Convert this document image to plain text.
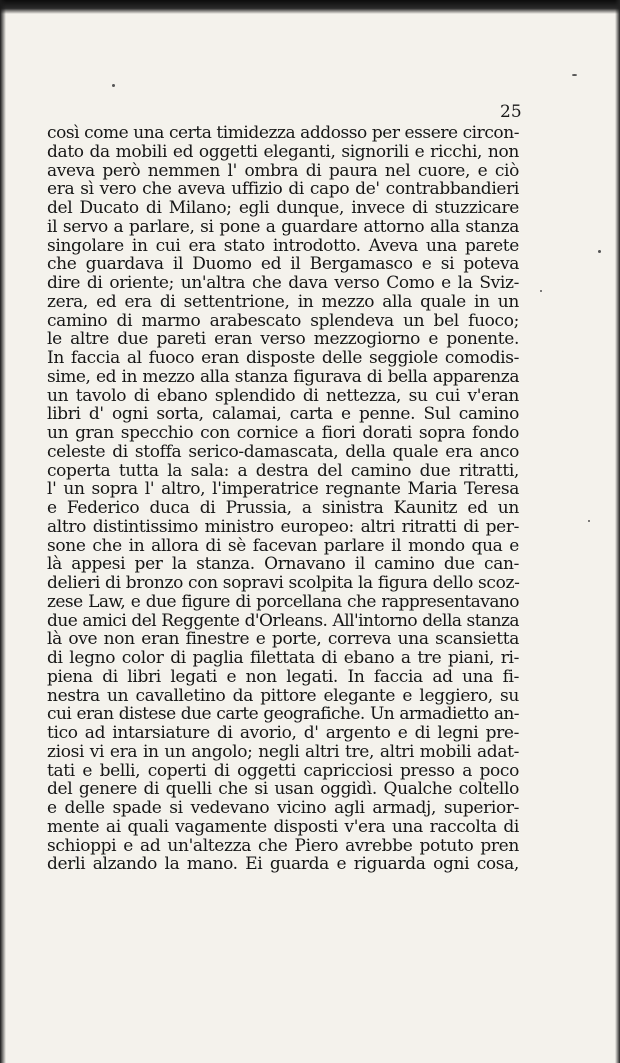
25
così come una certa timidezza addosso per essere circon-
dato da mobili ed oggetti eleganti, signorili e ricchi, non
aveva però nemmen l' ombra di paura nel cuore, e ciò
era sì vero che aveva uffizio di capo de' contrabbandieri
del Ducato di Milano; egli dunque, invece di stuzzicare
il servo a parlare, si pone a guardare attorno alla stanza
singolare in cui era stato introdotto. Aveva una parete
che guardava il Duomo ed il Bergamasco e si poteva
dire di oriente; un'altra che dava verso Como e la Sviz-
zera, ed era di settentrione, in mezzo alla quale in un
camino di marmo arabescato splendeva un bel fuoco;
le altre due pareti eran verso mezzogiorno e ponente.
In faccia al fuoco eran disposte delle seggiole comodis-
sime, ed in mezzo alla stanza figurava di bella apparenza
un tavolo di ebano splendido di nettezza, su cui v'eran
libri d' ogni sorta, calamai, carta e penne. Sul camino
un gran specchio con cornice a fiori dorati sopra fondo
celeste di stoffa serico-damascata, della quale era anco
coperta tutta la sala: a destra del camino due ritratti,
l' un sopra l' altro, l'imperatrice regnante Maria Teresa
e Federico duca di Prussia, a sinistra Kaunitz ed un
altro distintissimo ministro europeo: altri ritratti di per-
sone che in allora di sè facevan parlare il mondo qua e
là appesi per la stanza. Ornavano il camino due can-
delieri di bronzo con sopravi scolpita la figura dello scoz-
zese Law, e due figure di porcellana che rappresentavano
due amici del Reggente d'Orleans. All'intorno della stanza
là ove non eran finestre e porte, correva una scansietta
di legno color di paglia filettata di ebano a tre piani, ri-
piena di libri legati e non legati. In faccia ad una fi-
nestra un cavalletino da pittore elegante e leggiero, su
cui eran distese due carte geografiche. Un armadietto an-
tico ad intarsiature di avorio, d' argento e di legni pre-
ziosi vi era in un angolo; negli altri tre, altri mobili adat-
tati e belli, coperti di oggetti capricciosi presso a poco
del genere di quelli che si usan oggidì. Qualche coltello
e delle spade si vedevano vicino agli armadj, superior-
mente ai quali vagamente disposti v'era una raccolta di
schioppi e ad un'altezza che Piero avrebbe potuto pren
derli alzando la mano. Ei guarda e riguarda ogni cosa,
